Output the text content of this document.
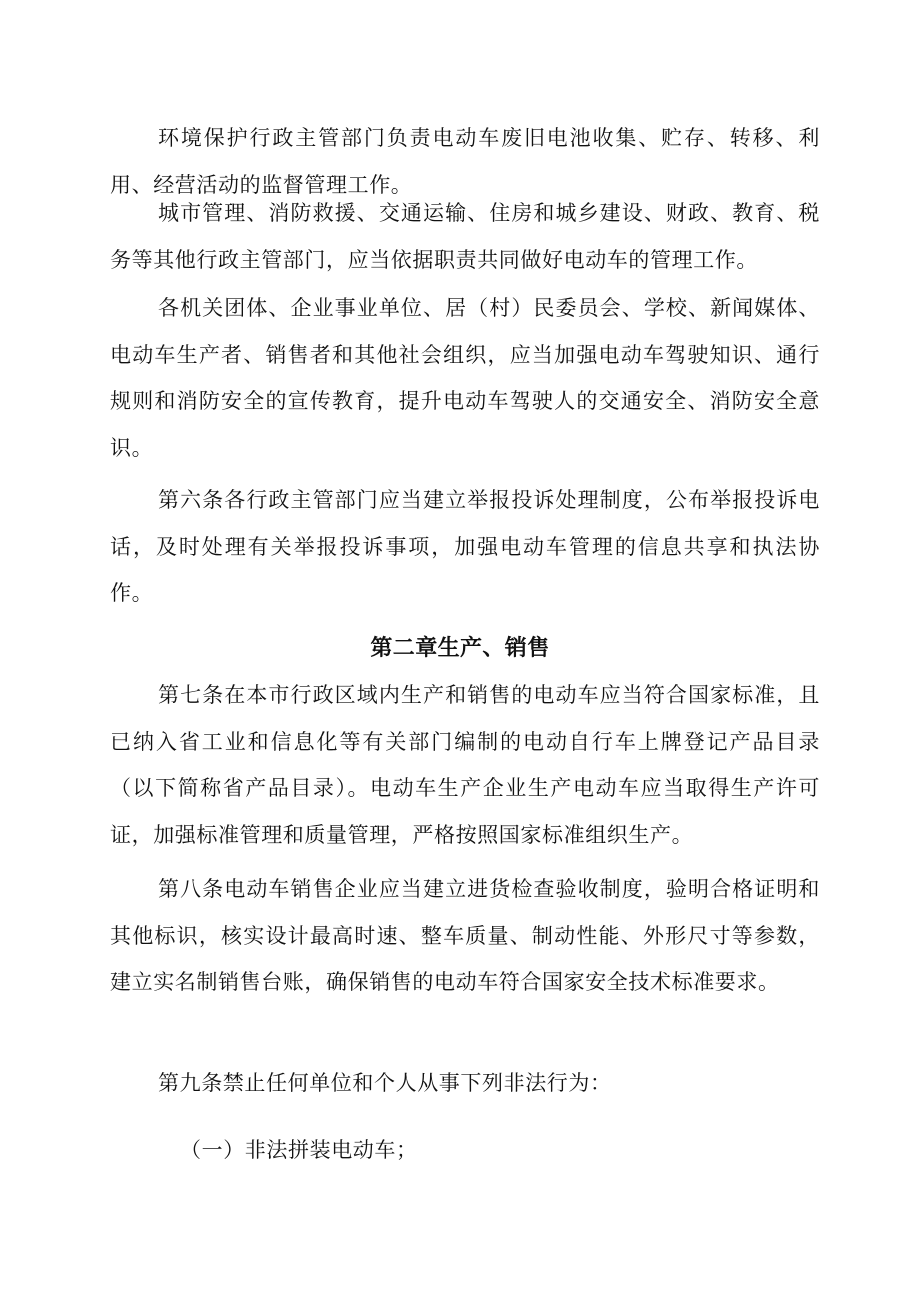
环境保护行政主管部门负责电动车废旧电池收集、贮存、转移、利用、经营活动的监督管理工作。

城市管理、消防救援、交通运输、住房和城乡建设、财政、教育、税务等其他行政主管部门，应当依据职责共同做好电动车的管理工作。

各机关团体、企业事业单位、居（村）民委员会、学校、新闻媒体、电动车生产者、销售者和其他社会组织，应当加强电动车驾驶知识、通行规则和消防安全的宣传教育，提升电动车驾驶人的交通安全、消防安全意识。

第六条各行政主管部门应当建立举报投诉处理制度，公布举报投诉电话，及时处理有关举报投诉事项，加强电动车管理的信息共享和执法协作。

第二章生产、销售

第七条在本市行政区域内生产和销售的电动车应当符合国家标准，且已纳入省工业和信息化等有关部门编制的电动自行车上牌登记产品目录（以下简称省产品目录）。电动车生产企业生产电动车应当取得生产许可证，加强标准管理和质量管理，严格按照国家标准组织生产。

第八条电动车销售企业应当建立进货检查验收制度，验明合格证明和其他标识，核实设计最高时速、整车质量、制动性能、外形尺寸等参数，建立实名制销售台账，确保销售的电动车符合国家安全技术标准要求。

第九条禁止任何单位和个人从事下列非法行为：

（一）非法拼装电动车；
